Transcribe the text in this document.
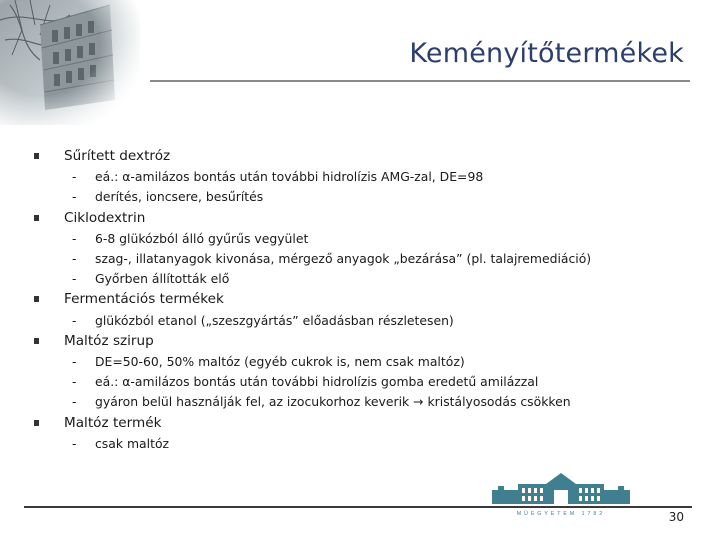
Keményítőtermékek
Sűrített dextróz
- eá.: α-amilázos bontás után további hidrolízis AMG-zal, DE=98
- derítés, ioncsere, besűrítés
Ciklodextrin
- 6-8 glükózból álló gyűrűs vegyület
- szag-, illatanyagok kivonása, mérgező anyagok „bezárása” (pl. talajremediáció)
- Győrben állították elő
Fermentációs termékek
- glükózból etanol („szeszgyártás” előadásban részletesen)
Maltóz szirup
- DE=50-60, 50% maltóz (egyéb cukrok is, nem csak maltóz)
- eá.: α-amilázos bontás után további hidrolízis gomba eredetű amilázzal
- gyáron belül használják fel, az izocukorhoz keverik → kristályosodás csökken
Maltóz termék
- csak maltóz
MŰEGYETEM 1782	30
